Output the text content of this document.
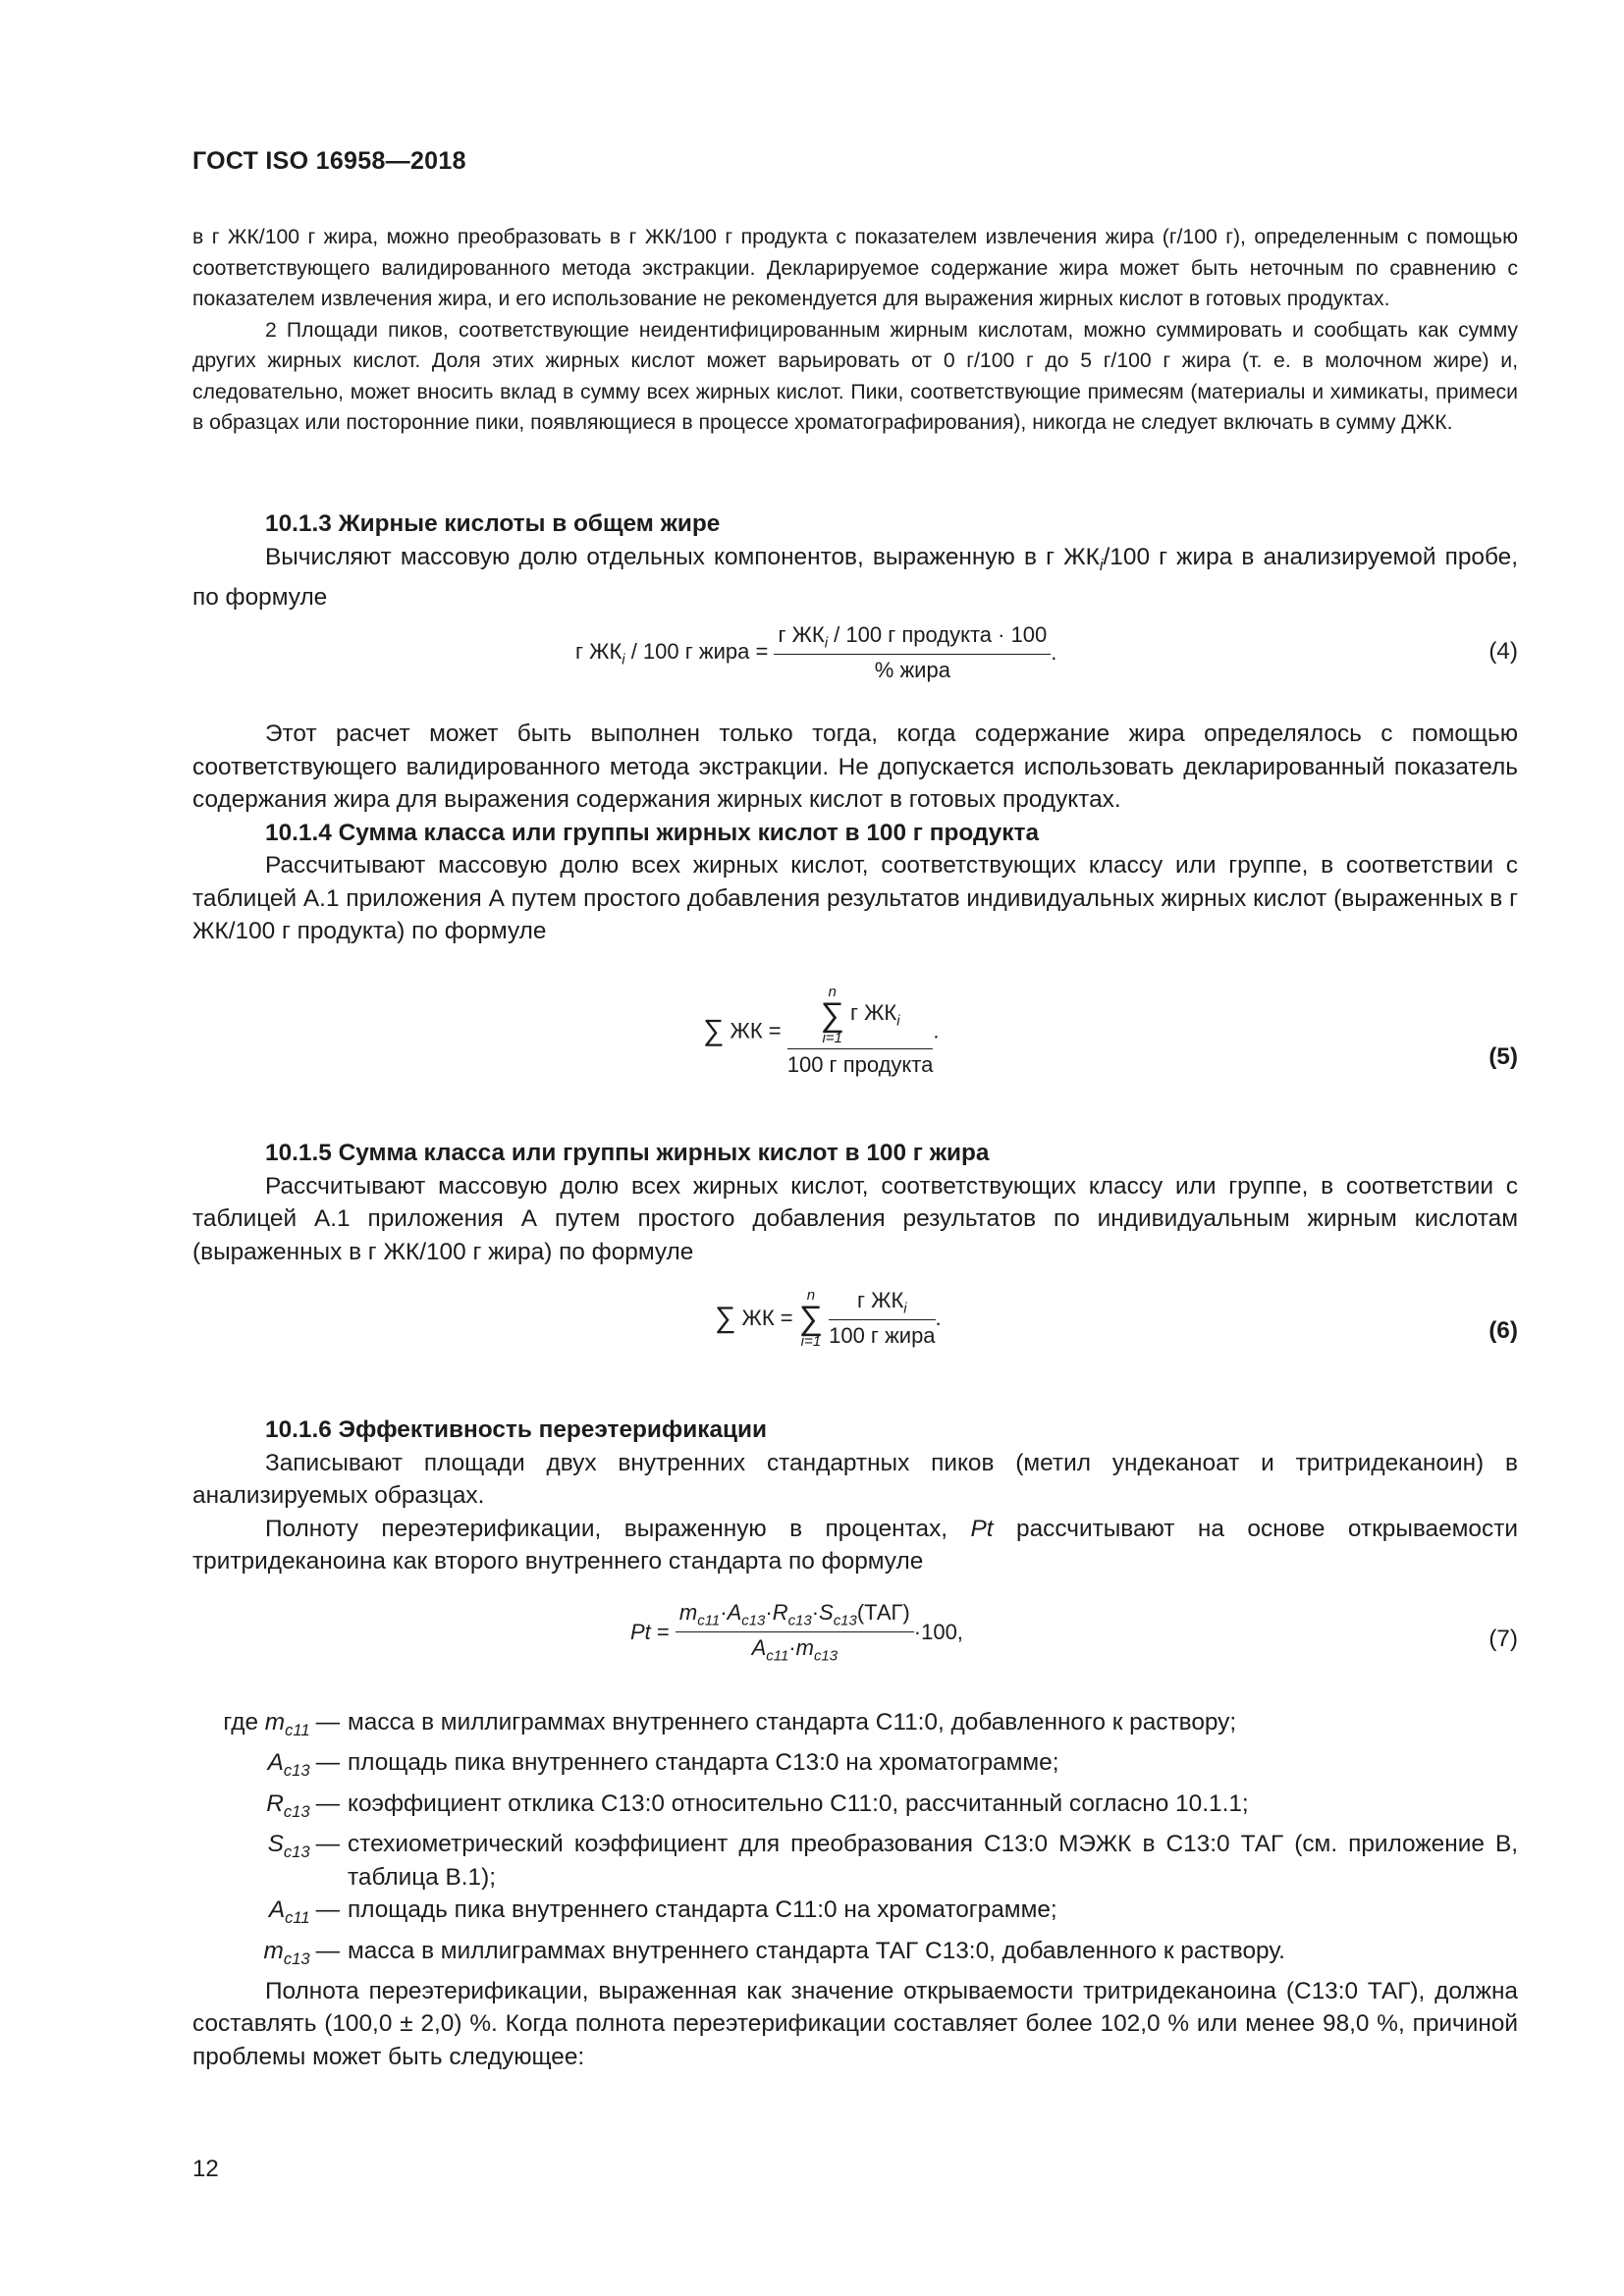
ГОСТ ISO 16958—2018

в г ЖК/100 г жира, можно преобразовать в г ЖК/100 г продукта с показателем извлечения жира (г/100 г), определенным с помощью соответствующего валидированного метода экстракции. Декларируемое содержание жира может быть неточным по сравнению с показателем извлечения жира, и его использование не рекомендуется для выражения жирных кислот в готовых продуктах.

2 Площади пиков, соответствующие неидентифицированным жирным кислотам, можно суммировать и сообщать как сумму других жирных кислот. Доля этих жирных кислот может варьировать от 0 г/100 г до 5 г/100 г жира (т. е. в молочном жире) и, следовательно, может вносить вклад в сумму всех жирных кислот. Пики, соответствующие примесям (материалы и химикаты, примеси в образцах или посторонние пики, появляющиеся в процессе хроматографирования), никогда не следует включать в сумму ДЖК.

10.1.3 Жирные кислоты в общем жире

Вычисляют массовую долю отдельных компонентов, выраженную в г $ЖК_i/100$ г жира в анализируемой пробе, по формуле

г $ЖК_i / 100$ г жира = $\frac{г ЖК_i / 100 г продукта \cdot 100}{\text{\% жира}}$ .	(4)

Этот расчет может быть выполнен только тогда, когда содержание жира определялось с помощью соответствующего валидированного метода экстракции. Не допускается использовать декларированный показатель содержания жира для выражения содержания жирных кислот в готовых продуктах.

10.1.4 Сумма класса или группы жирных кислот в 100 г продукта

Рассчитывают массовую долю всех жирных кислот, соответствующих классу или группе, в соответствии с таблицей А.1 приложения А путем простого добавления результатов индивидуальных жирных кислот (выраженных в г ЖК/100 г продукта) по формуле

∑ ЖК = n
∑
i=1
г $ЖК_i$
100 г продукта .
(5)

10.1.5 Сумма класса или группы жирных кислот в 100 г жира

Рассчитывают массовую долю всех жирных кислот, соответствующих классу или группе, в соответствии с таблицей А.1 приложения А путем простого добавления результатов по индивидуальным жирным кислотам (выраженных в г ЖК/100 г жира) по формуле

∑ ЖК =
n
∑
i=1
$\frac{г ЖК_i}{\text{100 г жира}}$ .	(6)

10.1.6 Эффективность переэтерификации

Записывают площади двух внутренних стандартных пиков (метил ундеканоат и тритридеканоин) в анализируемых образцах.

Полноту переэтерификации, выраженную в процентах, Pt рассчитывают на основе открываемости тритридеканоина как второго внутреннего стандарта по формуле

$Pt = \frac{m_{c11}\cdot A_{c13}\cdot R_{c13}\cdot S_{c13}(ТАГ)}{A_{c11}\cdot m_{c13}} \cdot 100$,	(7)
где $m_{c11}$ — масса в миллиграммах внутреннего стандарта С11:0, добавленного к раствору;
$A_{c13}$ — площадь пика внутреннего стандарта С13:0 на хроматограмме;
$R_{c13}$ — коэффициент отклика С13:0 относительно С11:0, рассчитанный согласно 10.1.1;
$S_{c13}$ — стехиометрический коэффициент для преобразования С13:0 МЭЖК в С13:0 ТАГ (см. приложение В, таблица В.1);
$A_{c11}$ — площадь пика внутреннего стандарта С11:0 на хроматограмме;
$m_{c13}$ — масса в миллиграммах внутреннего стандарта ТАГ С13:0, добавленного к раствору.

Полнота переэтерификации, выраженная как значение открываемости тритридеканоина (С13:0 ТАГ), должна составлять (100,0 ± 2,0) %. Когда полнота переэтерификации составляет более 102,0 % или менее 98,0 %, причиной проблемы может быть следующее:

12
